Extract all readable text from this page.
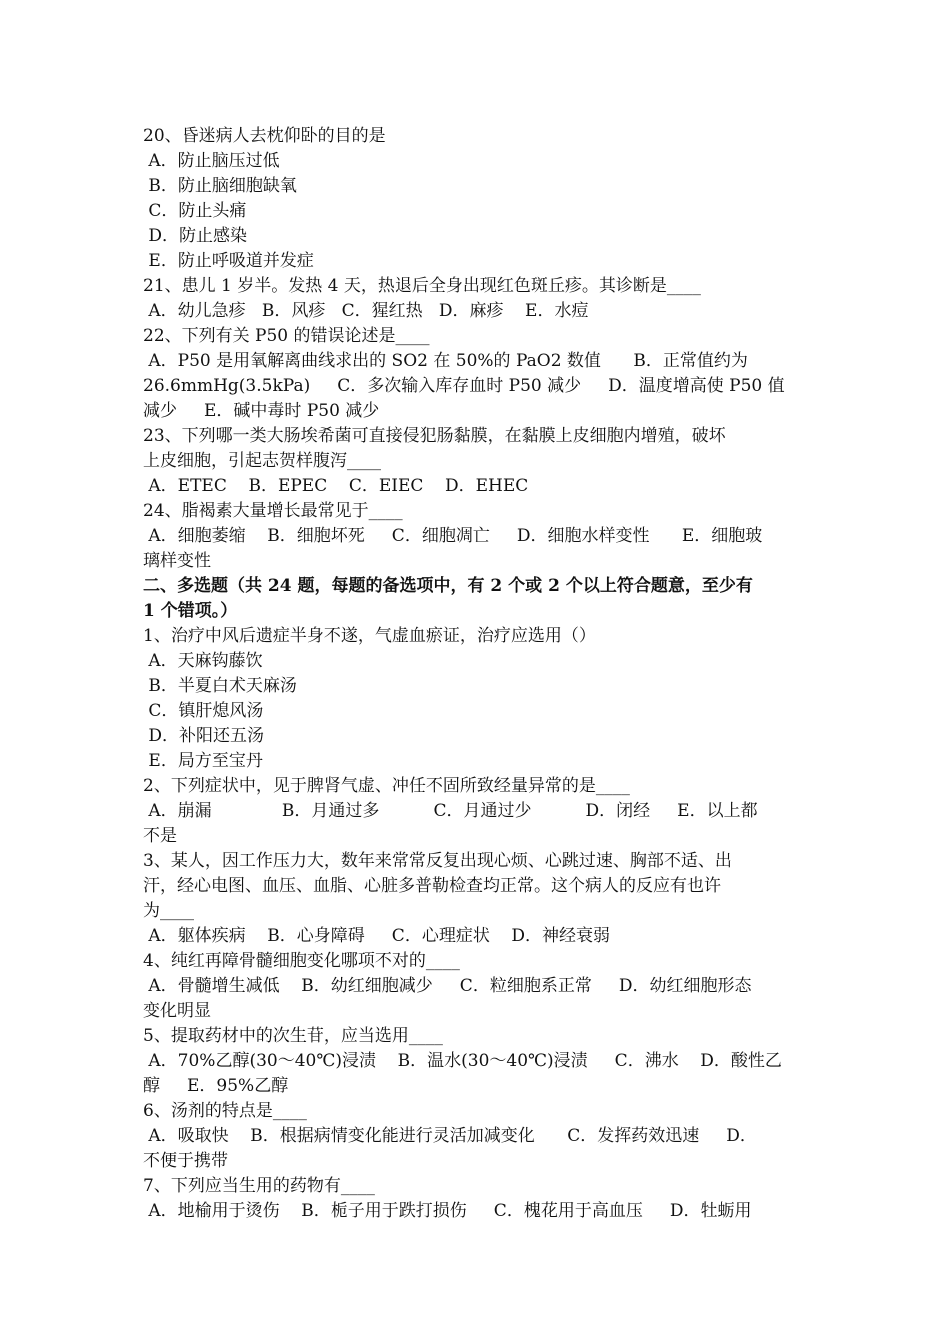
20、昏迷病人去枕仰卧的目的是
A．防止脑压过低
B．防止脑细胞缺氧
C．防止头痛
D．防止感染
E．防止呼吸道并发症
21、患儿 1 岁半。发热 4 天，热退后全身出现红色斑丘疹。其诊断是____
A．幼儿急疹   B．风疹   C．猩红热   D．麻疹    E．水痘
22、下列有关 P50 的错误论述是____
A．P50 是用氧解离曲线求出的 SO2 在 50%的 PaO2 数值      B．正常值约为
26.6mmHg(3.5kPa)     C．多次输入库存血时 P50 减少     D．温度增高使 P50 值
减少     E．碱中毒时 P50 减少
23、下列哪一类大肠埃希菌可直接侵犯肠黏膜，在黏膜上皮细胞内增殖，破坏
上皮细胞，引起志贺样腹泻____
A．ETEC    B．EPEC    C．EIEC    D．EHEC
24、脂褐素大量增长最常见于____
A．细胞萎缩    B．细胞坏死     C．细胞凋亡     D．细胞水样变性      E．细胞玻
璃样变性
二、多选题（共 24 题，每题的备选项中，有 2 个或 2 个以上符合题意，至少有
1 个错项。）
1、治疗中风后遗症半身不遂，气虚血瘀证，治疗应选用（）
A．天麻钩藤饮
B．半夏白术天麻汤
C．镇肝熄风汤
D．补阳还五汤
E．局方至宝丹
2、下列症状中，见于脾肾气虚、冲任不固所致经量异常的是____
A．崩漏             B．月通过多          C．月通过少          D．闭经     E．以上都
不是
3、某人，因工作压力大，数年来常常反复出现心烦、心跳过速、胸部不适、出
汗，经心电图、血压、血脂、心脏多普勒检查均正常。这个病人的反应有也许
为____
A．躯体疾病    B．心身障碍     C．心理症状    D．神经衰弱
4、纯红再障骨髓细胞变化哪项不对的____
A．骨髓增生减低    B．幼红细胞减少     C．粒细胞系正常     D．幼红细胞形态
变化明显
5、提取药材中的次生苷，应当选用____
A．70%乙醇(30～40℃)浸渍    B．温水(30～40℃)浸渍     C．沸水    D．酸性乙
醇     E．95%乙醇
6、汤剂的特点是____
A．吸取快    B．根据病情变化能进行灵活加减变化      C．发挥药效迅速     D．
不便于携带
7、下列应当生用的药物有____
A．地榆用于烫伤    B．栀子用于跌打损伤     C．槐花用于高血压     D．牡蛎用
